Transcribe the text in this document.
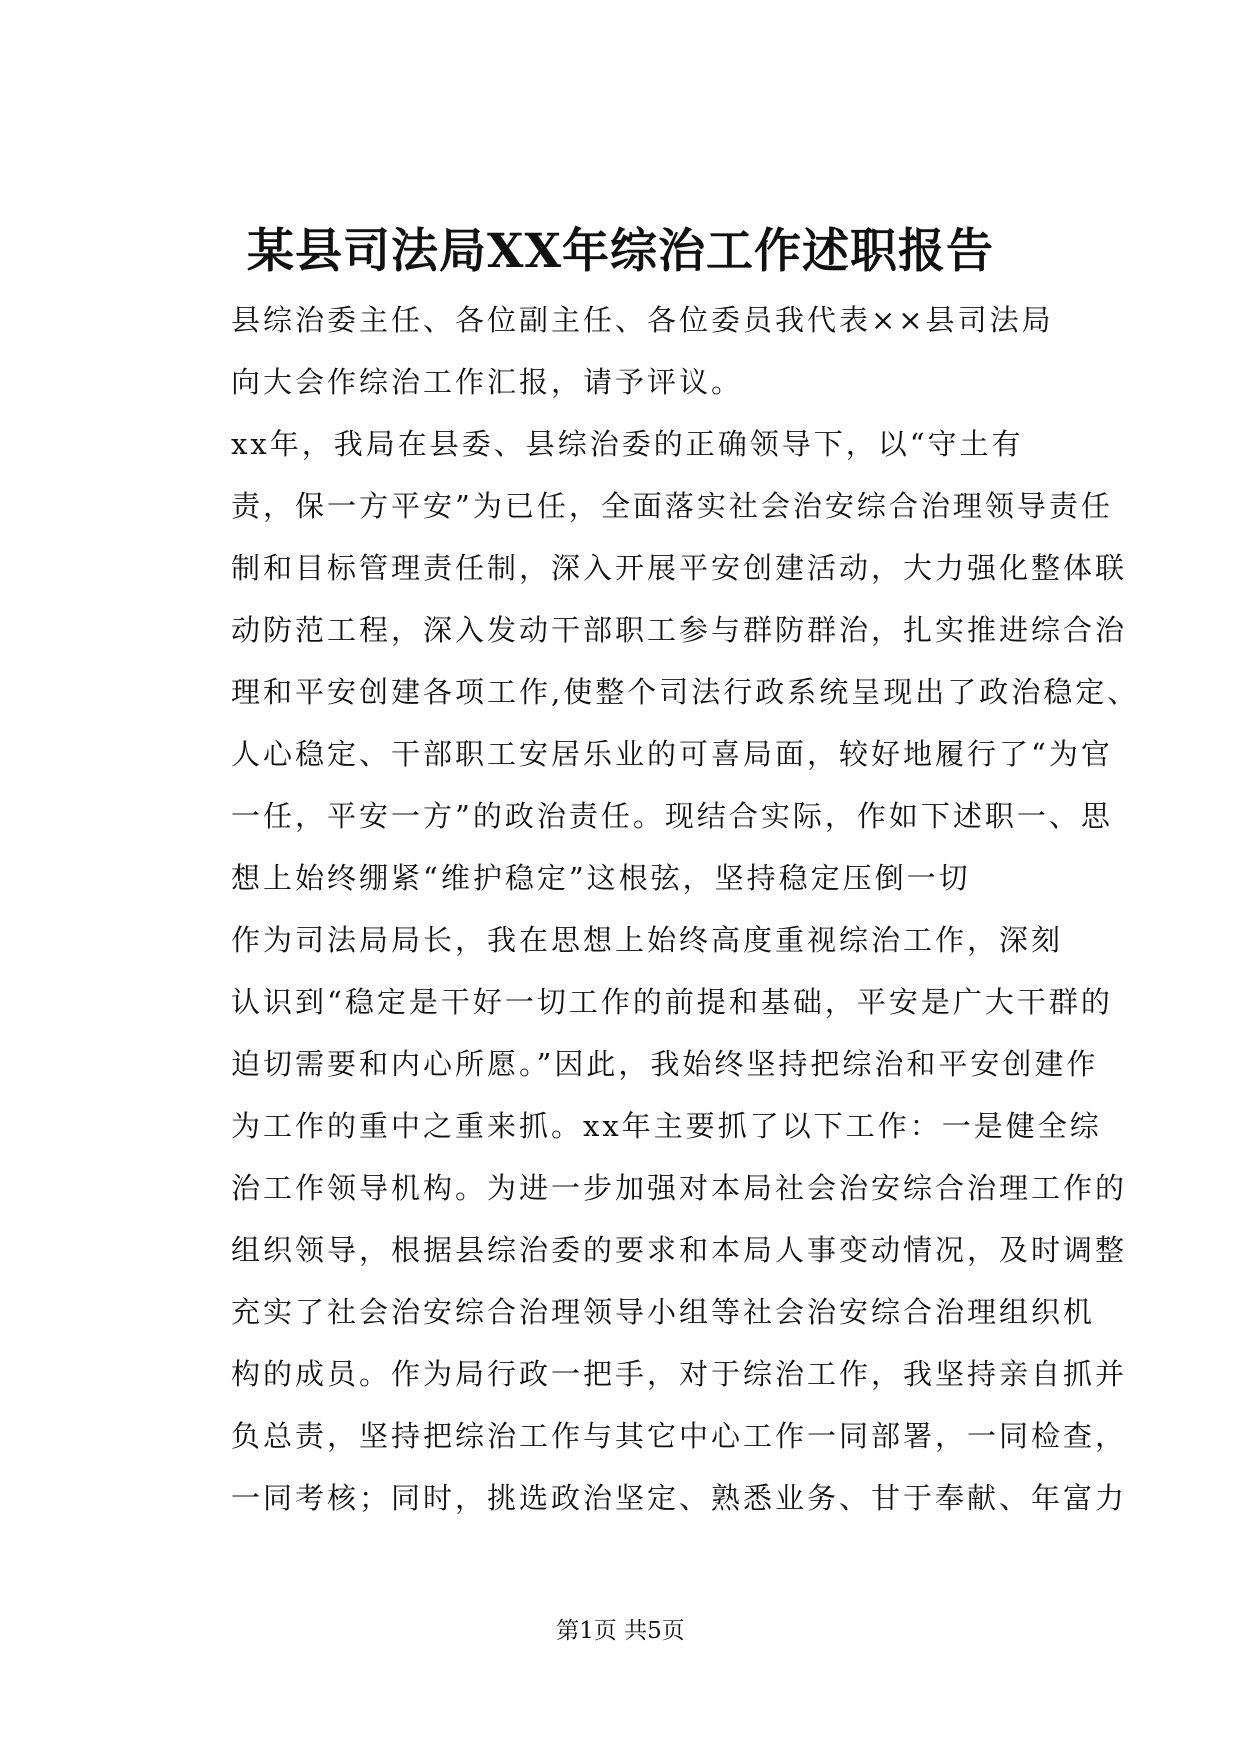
某县司法局XX年综治工作述职报告

县综治委主任、各位副主任、各位委员我代表××县司法局
向大会作综治工作汇报，请予评议。

xx年，我局在县委、县综治委的正确领导下，以“守土有
责，保一方平安”为已任，全面落实社会治安综合治理领导责任
制和目标管理责任制，深入开展平安创建活动，大力强化整体联
动防范工程，深入发动干部职工参与群防群治，扎实推进综合治
理和平安创建各项工作,使整个司法行政系统呈现出了政治稳定、
人心稳定、干部职工安居乐业的可喜局面，较好地履行了“为官
一任，平安一方”的政治责任。现结合实际，作如下述职一、思
想上始终绷紧“维护稳定”这根弦，坚持稳定压倒一切

作为司法局局长，我在思想上始终高度重视综治工作，深刻
认识到“稳定是干好一切工作的前提和基础，平安是广大干群的
迫切需要和内心所愿。”因此，我始终坚持把综治和平安创建作
为工作的重中之重来抓。xx年主要抓了以下工作：一是健全综
治工作领导机构。为进一步加强对本局社会治安综合治理工作的
组织领导，根据县综治委的要求和本局人事变动情况，及时调整
充实了社会治安综合治理领导小组等社会治安综合治理组织机
构的成员。作为局行政一把手，对于综治工作，我坚持亲自抓并
负总责，坚持把综治工作与其它中心工作一同部署，一同检查，
一同考核；同时，挑选政治坚定、熟悉业务、甘于奉献、年富力

第1页 共5页
